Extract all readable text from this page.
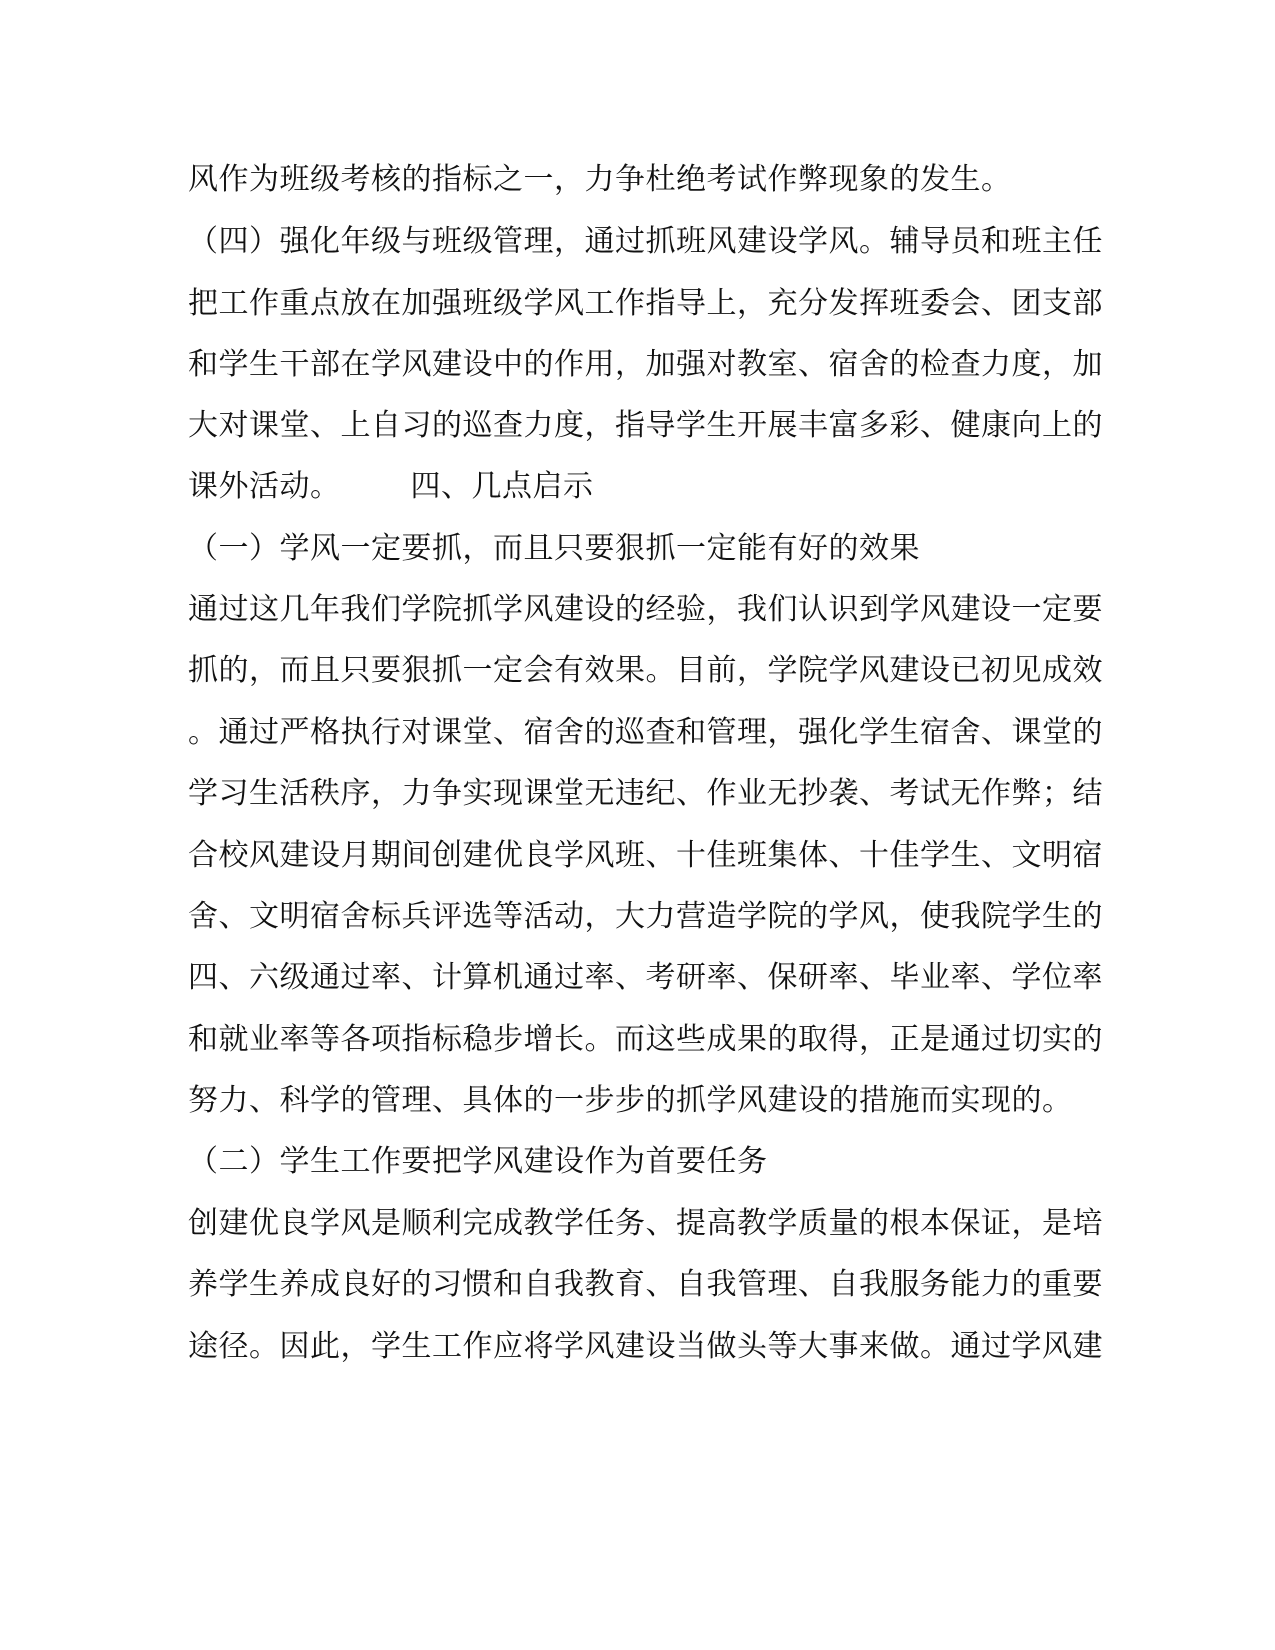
风作为班级考核的指标之一，力争杜绝考试作弊现象的发生。
（四）强化年级与班级管理，通过抓班风建设学风。辅导员和班主任
把工作重点放在加强班级学风工作指导上，充分发挥班委会、团支部
和学生干部在学风建设中的作用，加强对教室、宿舍的检查力度，加
大对课堂、上自习的巡查力度，指导学生开展丰富多彩、健康向上的
课外活动。 四、几点启示
（一）学风一定要抓，而且只要狠抓一定能有好的效果
通过这几年我们学院抓学风建设的经验，我们认识到学风建设一定要
抓的，而且只要狠抓一定会有效果。目前，学院学风建设已初见成效
。通过严格执行对课堂、宿舍的巡查和管理，强化学生宿舍、课堂的
学习生活秩序，力争实现课堂无违纪、作业无抄袭、考试无作弊；结
合校风建设月期间创建优良学风班、十佳班集体、十佳学生、文明宿
舍、文明宿舍标兵评选等活动，大力营造学院的学风，使我院学生的
四、六级通过率、计算机通过率、考研率、保研率、毕业率、学位率
和就业率等各项指标稳步增长。而这些成果的取得，正是通过切实的
努力、科学的管理、具体的一步步的抓学风建设的措施而实现的。
（二）学生工作要把学风建设作为首要任务
创建优良学风是顺利完成教学任务、提高教学质量的根本保证，是培
养学生养成良好的习惯和自我教育、自我管理、自我服务能力的重要
途径。因此，学生工作应将学风建设当做头等大事来做。通过学风建
